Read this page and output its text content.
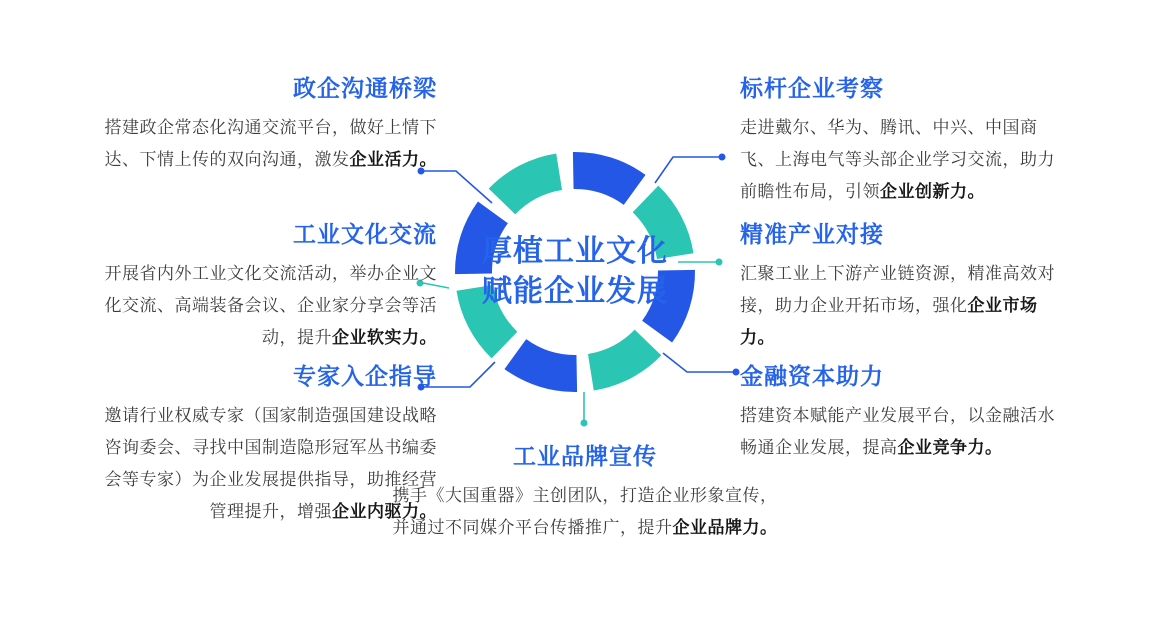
厚植工业文化
赋能企业发展
政企沟通桥梁

搭建政企常态化沟通交流平台，做好上情下达、下情上传的双向沟通，激发企业活力。

工业文化交流

开展省内外工业文化交流活动，举办企业文化交流、高端装备会议、企业家分享会等活动，提升企业软实力。

专家入企指导

邀请行业权威专家（国家制造强国建设战略咨询委会、寻找中国制造隐形冠军丛书编委会等专家）为企业发展提供指导，助推经营管理提升，增强企业内驱力。

标杆企业考察

走进戴尔、华为、腾讯、中兴、中国商飞、上海电气等头部企业学习交流，助力前瞻性布局，引领企业创新力。

精准产业对接

汇聚工业上下游产业链资源，精准高效对接，助力企业开拓市场，强化企业市场力。

金融资本助力

搭建资本赋能产业发展平台，以金融活水畅通企业发展，提高企业竞争力。

工业品牌宣传

携手《大国重器》主创团队，打造企业形象宣传，并通过不同媒介平台传播推广，提升企业品牌力。
